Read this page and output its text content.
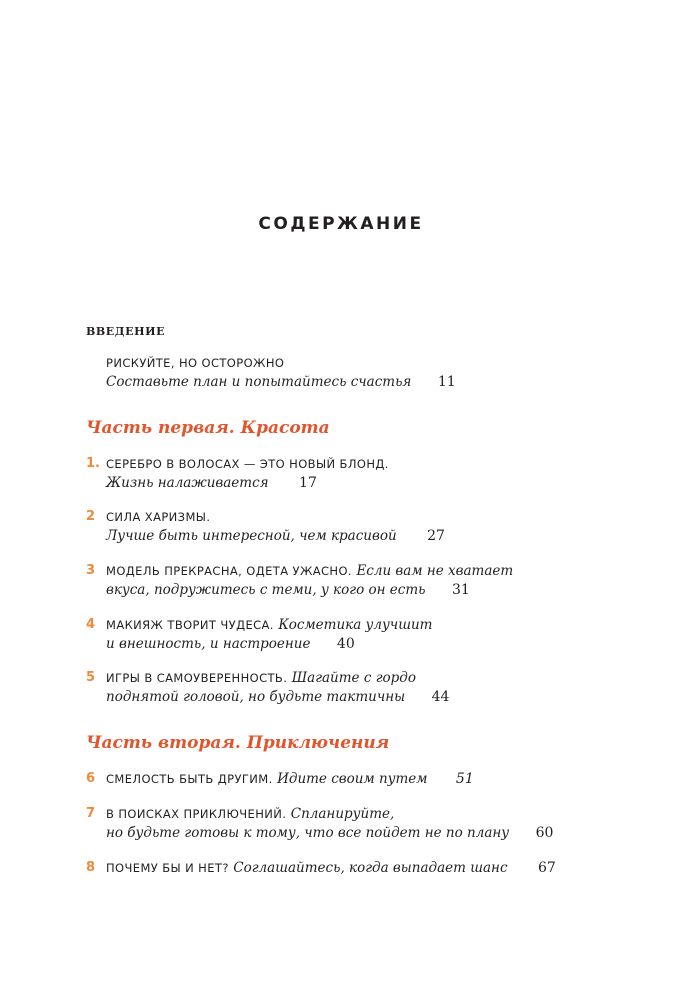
СОДЕРЖАНИЕ
ВВЕДЕНИЕ
РИСКУЙТЕ, НО ОСТОРОЖНО
Составьте план и попытайтесь счастья 11
Часть первая. Красота
1. СЕРЕБРО В ВОЛОСАХ — ЭТО НОВЫЙ БЛОНД.
Жизнь налаживается 17
2 СИЛА ХАРИЗМЫ.
Лучше быть интересной, чем красивой 27
3 МОДЕЛЬ ПРЕКРАСНА, ОДЕТА УЖАСНО. Если вам не хватает
вкуса, подружитесь с теми, у кого он есть 31
4 МАКИЯЖ ТВОРИТ ЧУДЕСА. Косметика улучшит
и внешность, и настроение 40
5 ИГРЫ В САМОУВЕРЕННОСТЬ. Шагайте с гордо
поднятой головой, но будьте тактичны 44
Часть вторая. Приключения
6 СМЕЛОСТЬ БЫТЬ ДРУГИМ. Идите своим путем 51
7 В ПОИСКАХ ПРИКЛЮЧЕНИЙ. Спланируйте,
но будьте готовы к тому, что все пойдет не по плану 60
8 ПОЧЕМУ БЫ И НЕТ? Соглашайтесь, когда выпадает шанс 67
